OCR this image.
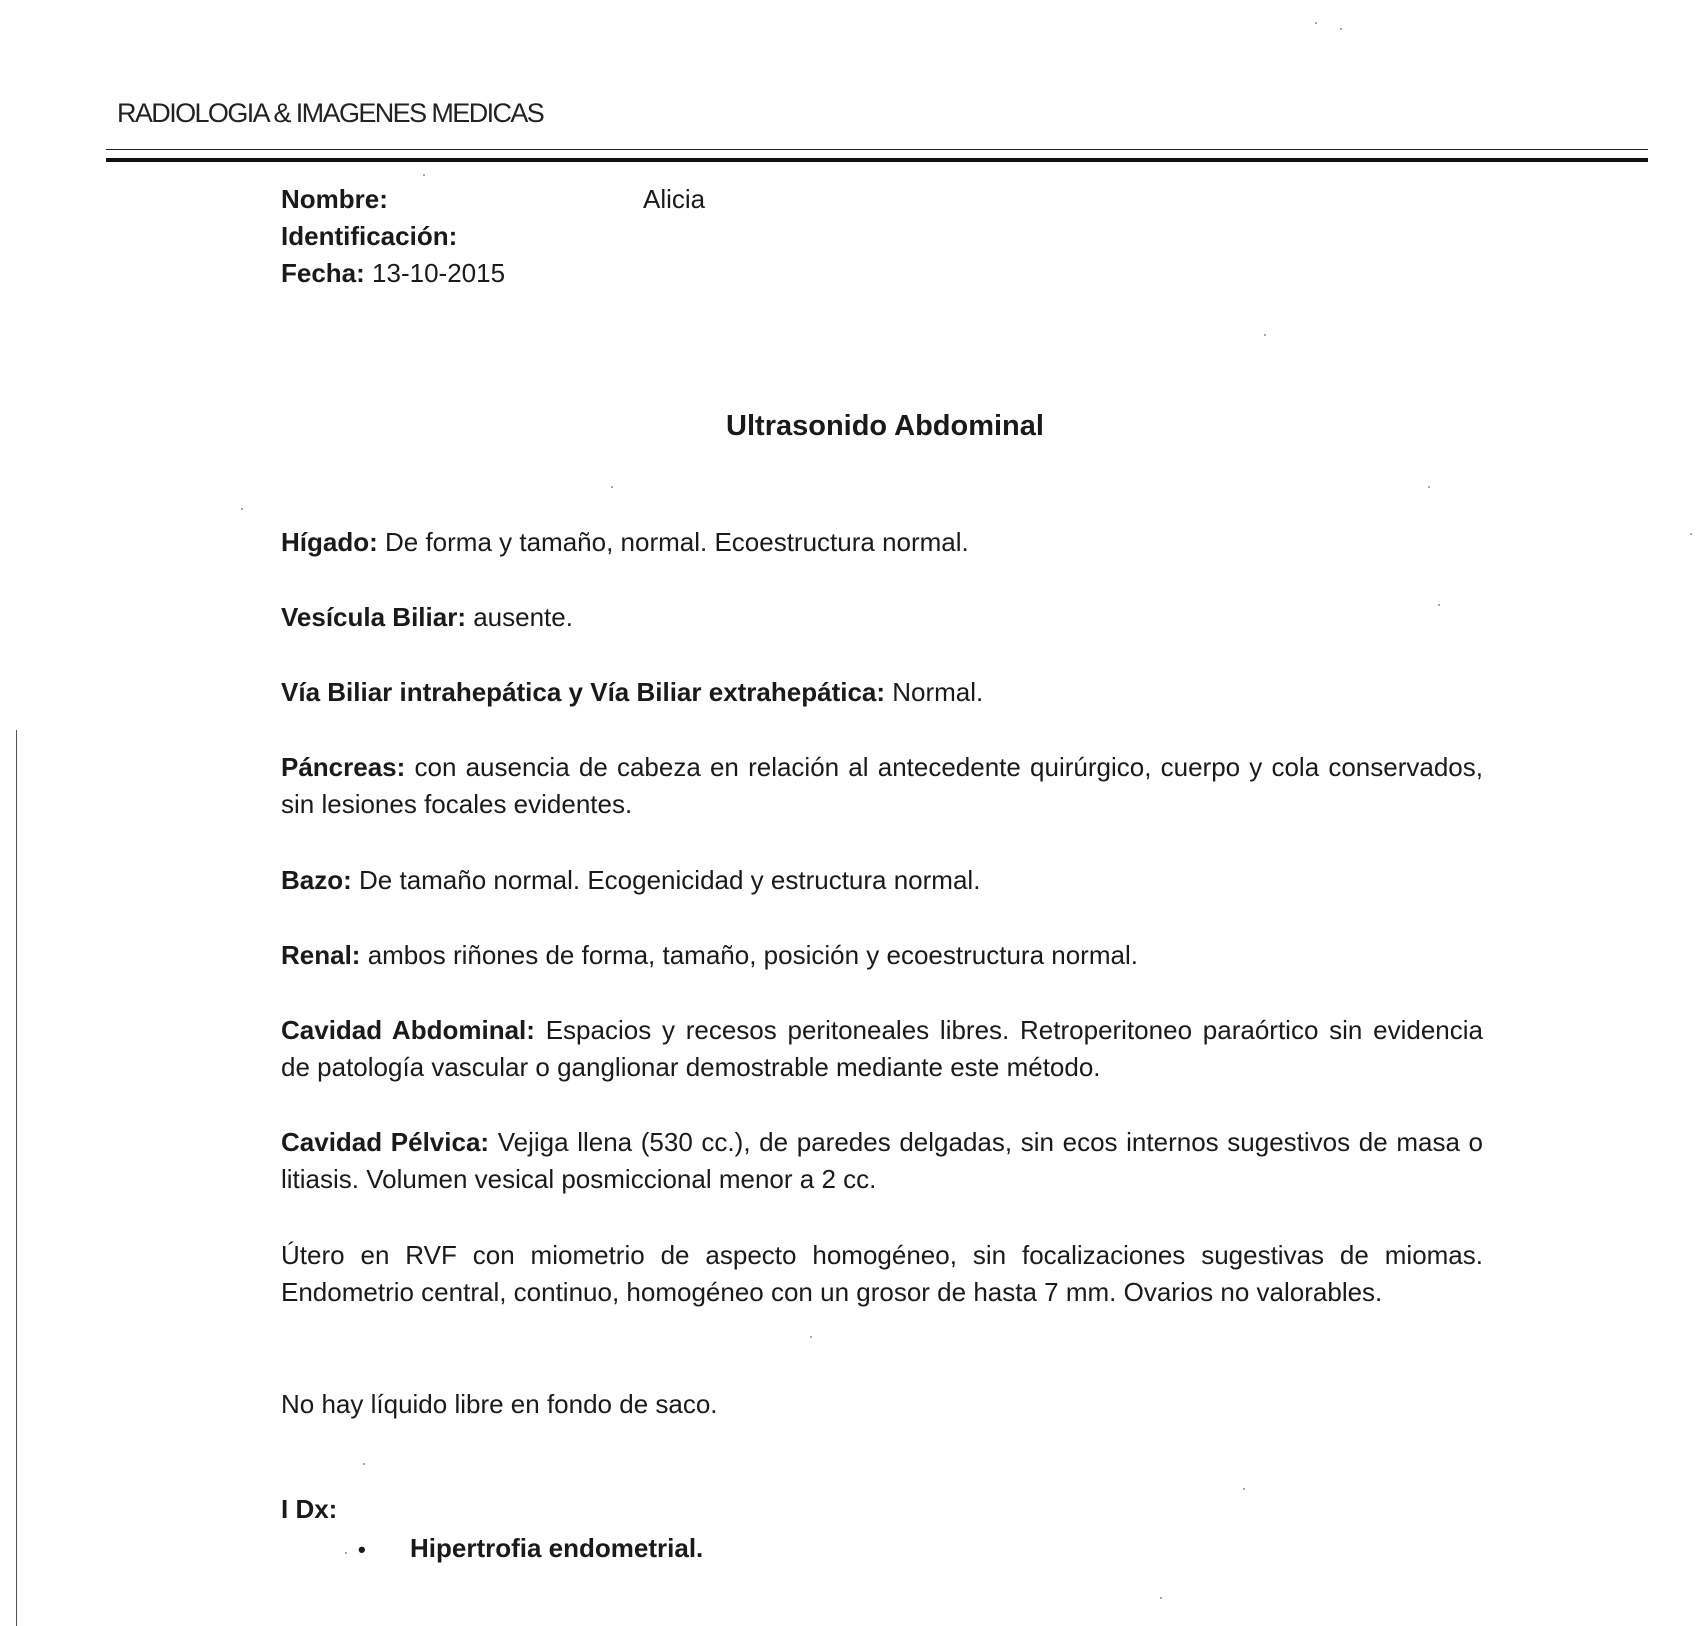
RADIOLOGIA & IMAGENES MEDICAS
Nombre:	Alicia
Identificación:
Fecha: 13-10-2015
Ultrasonido Abdominal

Hígado: De forma y tamaño, normal. Ecoestructura normal.

Vesícula Biliar: ausente.

Vía Biliar intrahepática y Vía Biliar extrahepática: Normal.

Páncreas: con ausencia de cabeza en relación al antecedente quirúrgico, cuerpo y cola conservados, sin lesiones focales evidentes.

Bazo: De tamaño normal. Ecogenicidad y estructura normal.

Renal: ambos riñones de forma, tamaño, posición y ecoestructura normal.

Cavidad Abdominal: Espacios y recesos peritoneales libres. Retroperitoneo paraórtico sin evidencia de patología vascular o ganglionar demostrable mediante este método.

Cavidad Pélvica: Vejiga llena (530 cc.), de paredes delgadas, sin ecos internos sugestivos de masa o litiasis. Volumen vesical posmiccional menor a 2 cc.

Útero en RVF con miometrio de aspecto homogéneo, sin focalizaciones sugestivas de miomas. Endometrio central, continuo, homogéneo con un grosor de hasta 7 mm. Ovarios no valorables.

No hay líquido libre en fondo de saco.

I Dx:
• Hipertrofia endometrial.
